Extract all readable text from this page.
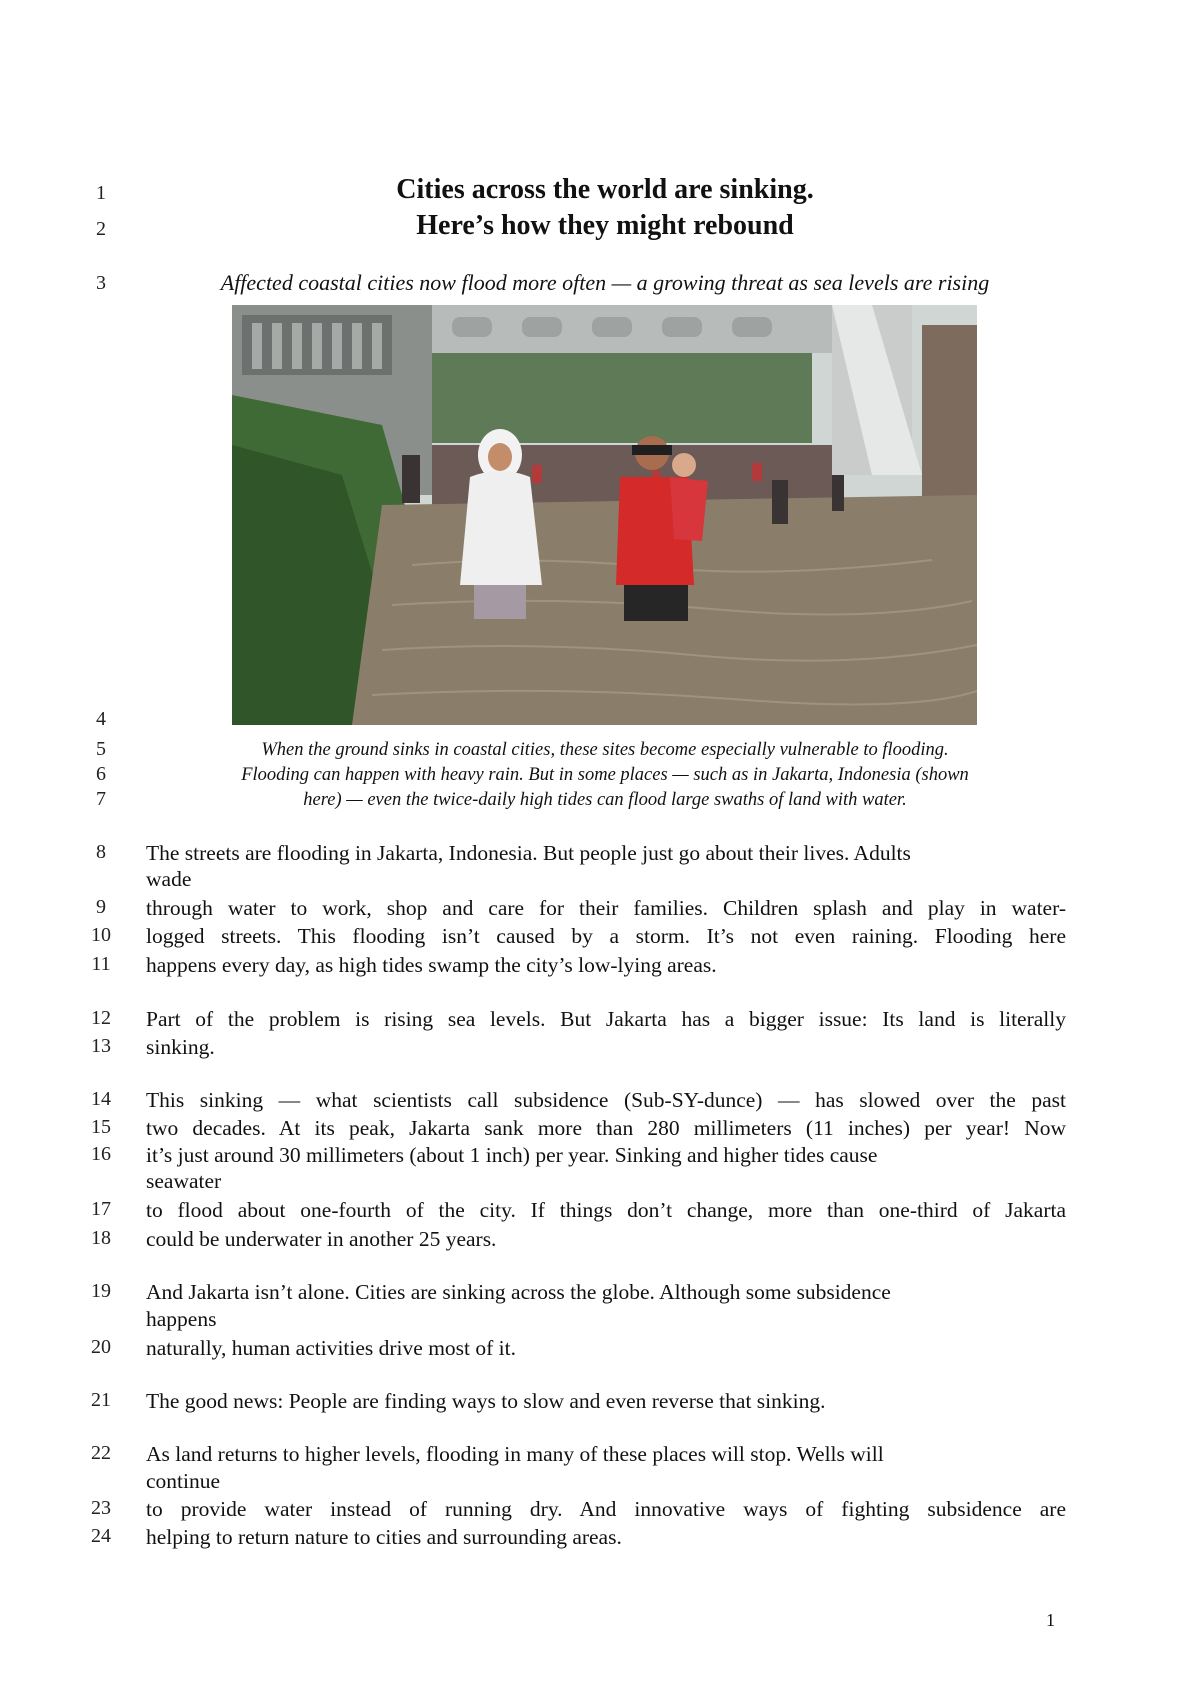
1
2
3
4
5
6
7
8
9
10
11
12
13
14
15
16
17
18
19
20
21
22
23
24
Cities across the world are sinking.
Here’s how they might rebound
Affected coastal cities now flood more often — a growing threat as sea levels are rising
When the ground sinks in coastal cities, these sites become especially vulnerable to flooding.
Flooding can happen with heavy rain. But in some places — such as in Jakarta, Indonesia (shown
here) — even the twice-daily high tides can flood large swaths of land with water.
The streets are flooding in Jakarta, Indonesia. But people just go about their lives. Adults
wade
through water to work, shop and care for their families. Children splash and play in water-
logged streets. This flooding isn’t caused by a storm. It’s not even raining. Flooding here
happens every day, as high tides swamp the city’s low-lying areas.
Part of the problem is rising sea levels. But Jakarta has a bigger issue: Its land is literally
sinking.
This sinking — what scientists call subsidence (Sub-SY-dunce) — has slowed over the past
two decades. At its peak, Jakarta sank more than 280 millimeters (11 inches) per year! Now
it’s just around 30 millimeters (about 1 inch) per year. Sinking and higher tides cause
seawater
to flood about one-fourth of the city. If things don’t change, more than one-third of Jakarta
could be underwater in another 25 years.
And Jakarta isn’t alone. Cities are sinking across the globe. Although some subsidence
happens
naturally, human activities drive most of it.
The good news: People are finding ways to slow and even reverse that sinking.
As land returns to higher levels, flooding in many of these places will stop. Wells will
continue
to provide water instead of running dry. And innovative ways of fighting subsidence are
helping to return nature to cities and surrounding areas.
1
